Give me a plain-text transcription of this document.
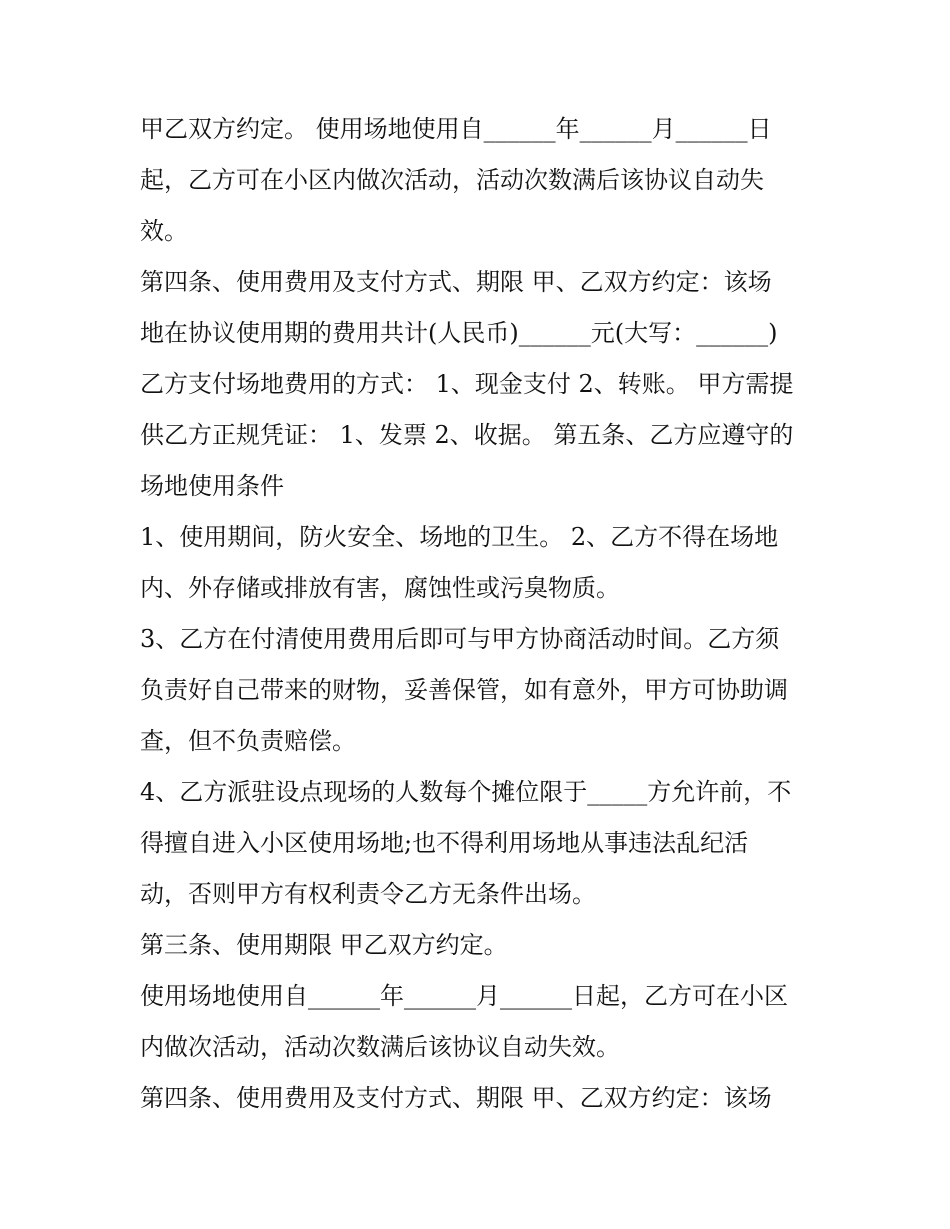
甲乙双方约定。 使用场地使用自______年______月______日
起，乙方可在小区内做次活动，活动次数满后该协议自动失
效。
第四条、使用费用及支付方式、期限 甲、乙双方约定：该场
地在协议使用期的费用共计(人民币)______元(大写：______)
乙方支付场地费用的方式： 1、现金支付 2、转账。 甲方需提
供乙方正规凭证： 1、发票 2、收据。 第五条、乙方应遵守的
场地使用条件
1、使用期间，防火安全、场地的卫生。 2、乙方不得在场地
内、外存储或排放有害，腐蚀性或污臭物质。
3、乙方在付清使用费用后即可与甲方协商活动时间。乙方须
负责好自己带来的财物，妥善保管，如有意外，甲方可协助调
查，但不负责赔偿。
4、乙方派驻设点现场的人数每个摊位限于_____方允许前，不
得擅自进入小区使用场地;也不得利用场地从事违法乱纪活
动，否则甲方有权利责令乙方无条件出场。
第三条、使用期限 甲乙双方约定。
使用场地使用自______年______月______日起，乙方可在小区
内做次活动，活动次数满后该协议自动失效。
第四条、使用费用及支付方式、期限 甲、乙双方约定：该场
